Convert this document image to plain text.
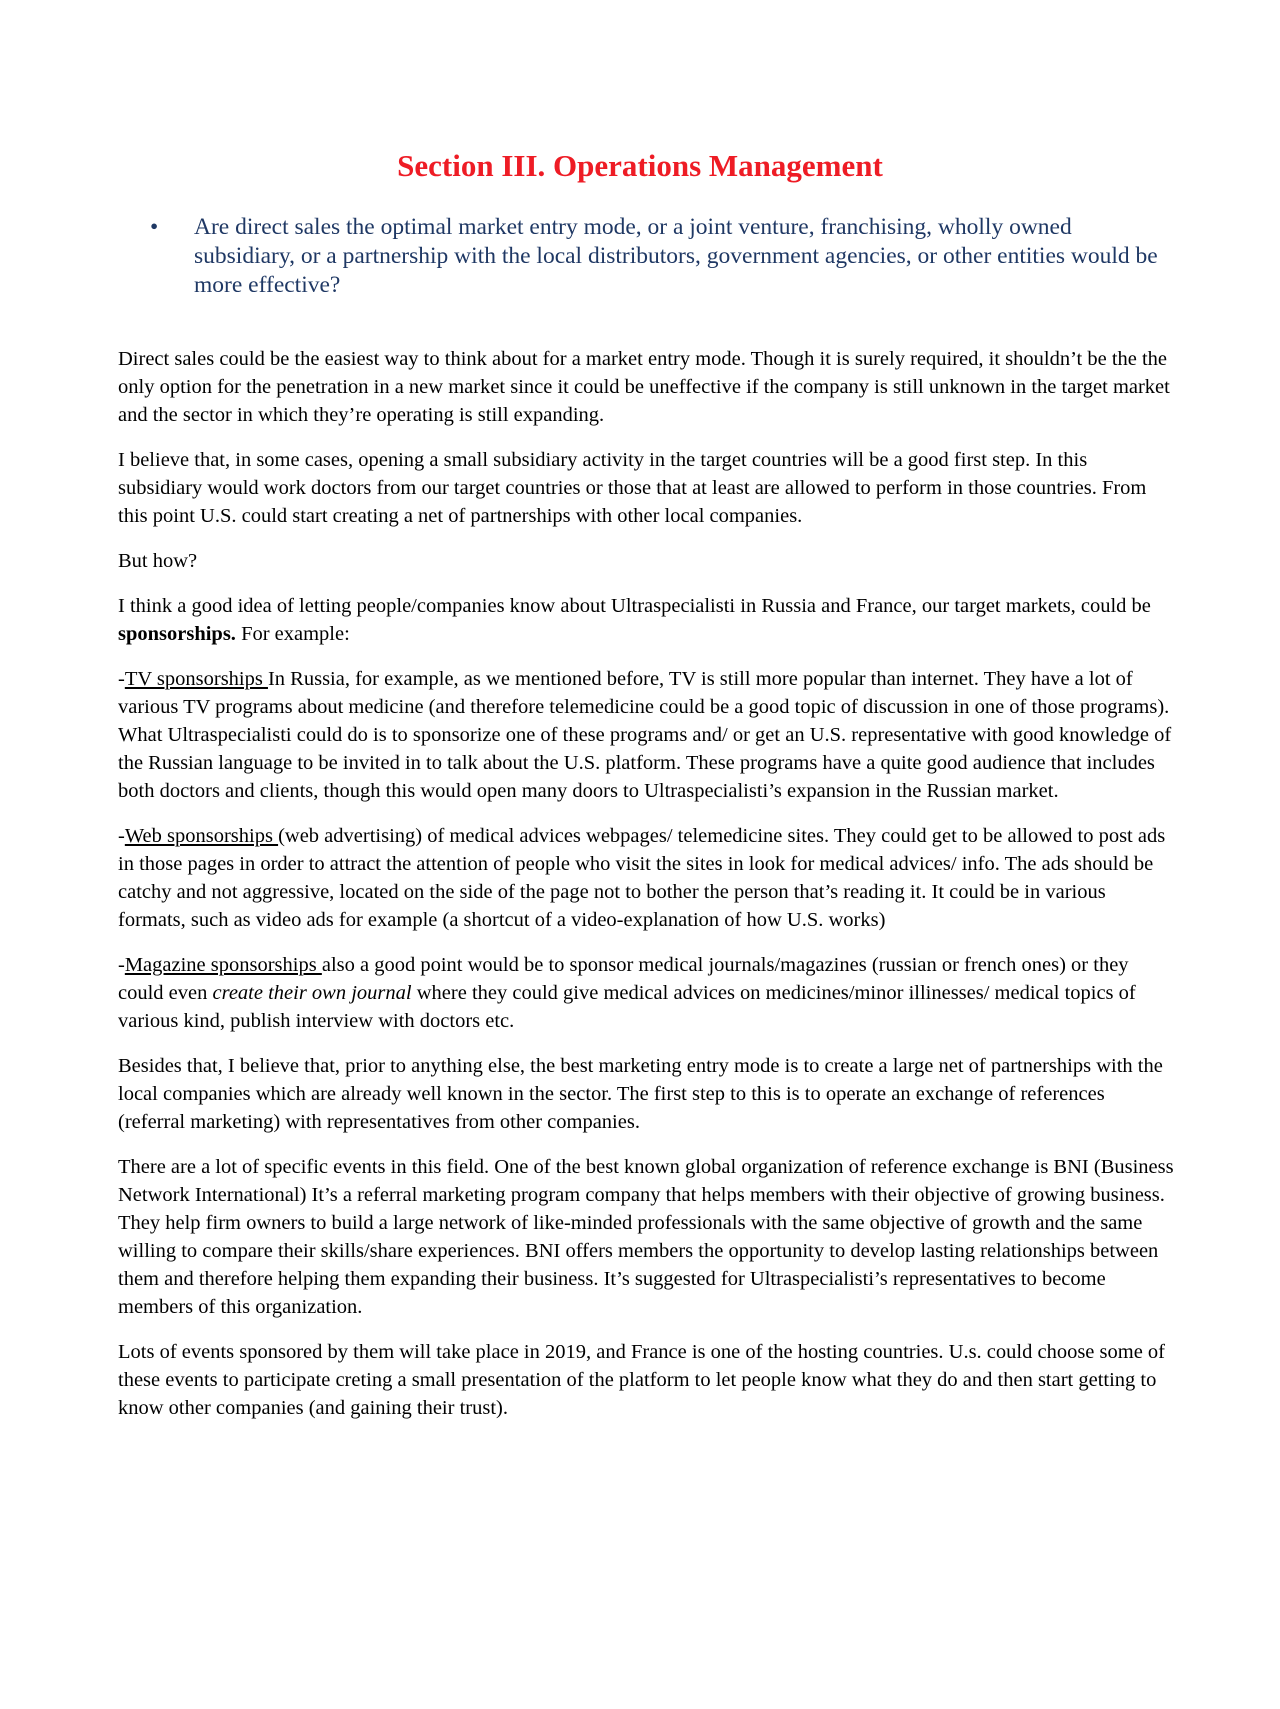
Section III. Operations Management
•	Are direct sales the optimal market entry mode, or a joint venture, franchising, wholly owned subsidiary, or a partnership with the local distributors, government agencies, or other entities would be more effective?

Direct sales could be the easiest way to think about for a market entry mode. Though it is surely required, it shouldn’t be the the only option for the penetration in a new market since it could be uneffective if the company is still unknown in the target market and the sector in which they’re operating is still expanding.

I believe that, in some cases, opening a small subsidiary activity in the target countries will be a good first step. In this subsidiary would work doctors from our target countries or those that at least are allowed to perform in those countries. From this point U.S. could start creating a net of partnerships with other local companies.

But how?

I think a good idea of letting people/companies know about Ultraspecialisti in Russia and France, our target markets, could be sponsorships. For example:

-TV sponsorships In Russia, for example, as we mentioned before, TV is still more popular than internet. They have a lot of various TV programs about medicine (and therefore telemedicine could be a good topic of discussion in one of those programs). What Ultraspecialisti could do is to sponsorize one of these programs and/ or get an U.S. representative with good knowledge of the Russian language to be invited in to talk about the U.S. platform. These programs have a quite good audience that includes both doctors and clients, though this would open many doors to Ultraspecialisti’s expansion in the Russian market.

-Web sponsorships (web advertising) of medical advices webpages/ telemedicine sites. They could get to be allowed to post ads in those pages in order to attract the attention of people who visit the sites in look for medical advices/ info. The ads should be catchy and not aggressive, located on the side of the page not to bother the person that’s reading it. It could be in various formats, such as video ads for example (a shortcut of a video-explanation of how U.S. works)

-Magazine sponsorships also a good point would be to sponsor medical journals/magazines (russian or french ones) or they could even create their own journal where they could give medical advices on medicines/minor illinesses/ medical topics of various kind, publish interview with doctors etc.

Besides that, I believe that, prior to anything else, the best marketing entry mode is to create a large net of partnerships with the local companies which are already well known in the sector. The first step to this is to operate an exchange of references (referral marketing) with representatives from other companies.

There are a lot of specific events in this field. One of the best known global organization of reference exchange is BNI (Business Network International) It’s a referral marketing program company that helps members with their objective of growing business. They help firm owners to build a large network of like-minded professionals with the same objective of growth and the same willing to compare their skills/share experiences. BNI offers members the opportunity to develop lasting relationships between them and therefore helping them expanding their business. It’s suggested for Ultraspecialisti’s representatives to become members of this organization.

Lots of events sponsored by them will take place in 2019, and France is one of the hosting countries. U.s. could choose some of these events to participate creting a small presentation of the platform to let people know what they do and then start getting to know other companies (and gaining their trust).
